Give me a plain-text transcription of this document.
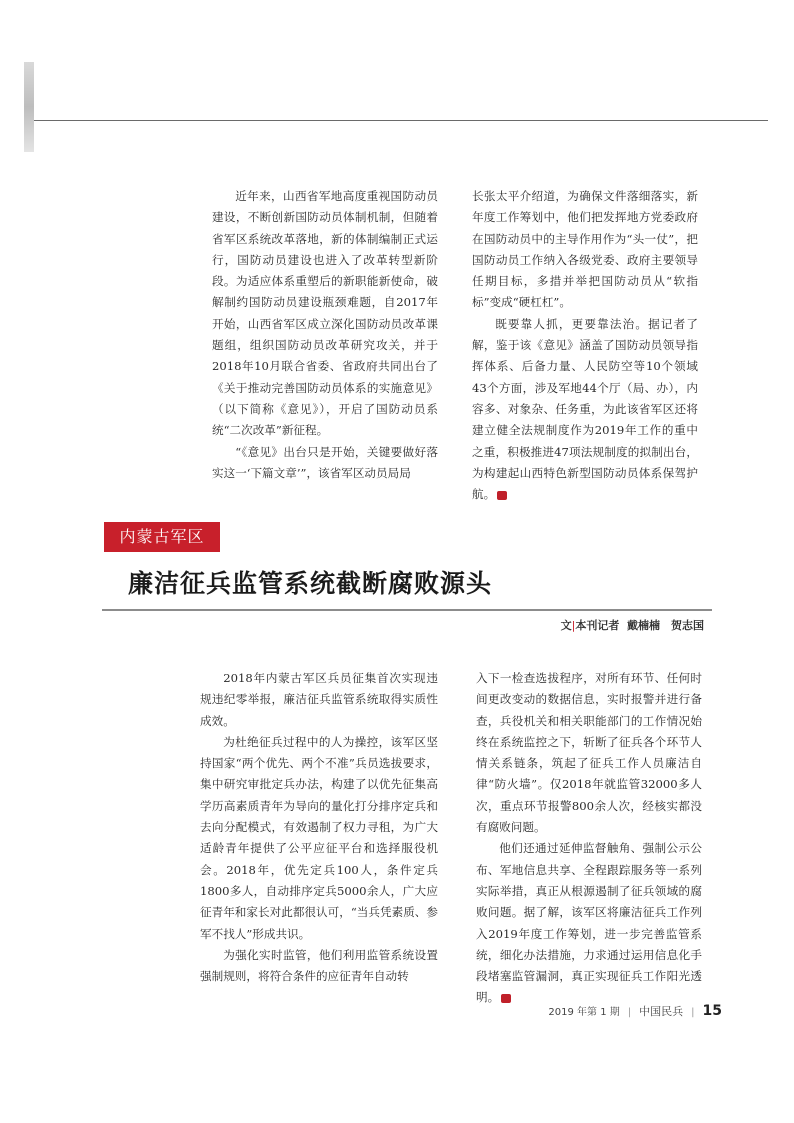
近年来，山西省军地高度重视国防动员建设，不断创新国防动员体制机制，但随着省军区系统改革落地，新的体制编制正式运行，国防动员建设也进入了改革转型新阶段。为适应体系重塑后的新职能新使命，破解制约国防动员建设瓶颈难题，自2017年开始，山西省军区成立深化国防动员改革课题组，组织国防动员改革研究攻关，并于2018年10月联合省委、省政府共同出台了《关于推动完善国防动员体系的实施意见》（以下简称《意见》），开启了国防动员系统“二次改革”新征程。

“《意见》出台只是开始，关键要做好落实这一‘下篇文章’”，该省军区动员局局

长张太平介绍道，为确保文件落细落实，新年度工作筹划中，他们把发挥地方党委政府在国防动员中的主导作用作为“头一仗”，把国防动员工作纳入各级党委、政府主要领导任期目标，多措并举把国防动员从“软指标”变成“硬杠杠”。

既要靠人抓，更要靠法治。据记者了解，鉴于该《意见》涵盖了国防动员领导指挥体系、后备力量、人民防空等10个领域43个方面，涉及军地44个厅（局、办），内容多、对象杂、任务重，为此该省军区还将建立健全法规制度作为2019年工作的重中之重，积极推进47项法规制度的拟制出台，为构建起山西特色新型国防动员体系保驾护航。	◆

内蒙古军区
廉洁征兵监管系统截断腐败源头
文|本刊记者 戴楠楠　贺志国

2018年内蒙古军区兵员征集首次实现违规违纪零举报，廉洁征兵监管系统取得实质性成效。

为杜绝征兵过程中的人为操控，该军区坚持国家“两个优先、两个不准”兵员选拔要求，集中研究审批定兵办法，构建了以优先征集高学历高素质青年为导向的量化打分排序定兵和去向分配模式，有效遏制了权力寻租，为广大适龄青年提供了公平应征平台和选择服役机会。2018年，优先定兵100人，条件定兵1800多人，自动排序定兵5000余人，广大应征青年和家长对此都很认可，“当兵凭素质、参军不找人”形成共识。

为强化实时监管，他们利用监管系统设置强制规则，将符合条件的应征青年自动转

入下一检查选拔程序，对所有环节、任何时间更改变动的数据信息，实时报警并进行备查，兵役机关和相关职能部门的工作情况始终在系统监控之下，斩断了征兵各个环节人情关系链条，筑起了征兵工作人员廉洁自律“防火墙”。仅2018年就监管32000多人次，重点环节报警800余人次，经核实都没有腐败问题。

他们还通过延伸监督触角、强制公示公布、军地信息共享、全程跟踪服务等一系列实际举措，真正从根源遏制了征兵领域的腐败问题。据了解，该军区将廉洁征兵工作列入2019年度工作筹划，进一步完善监管系统，细化办法措施，力求通过运用信息化手段堵塞监管漏洞，真正实现征兵工作阳光透明。	◆

2019 年第 1 期 | 中国民兵 | 15
